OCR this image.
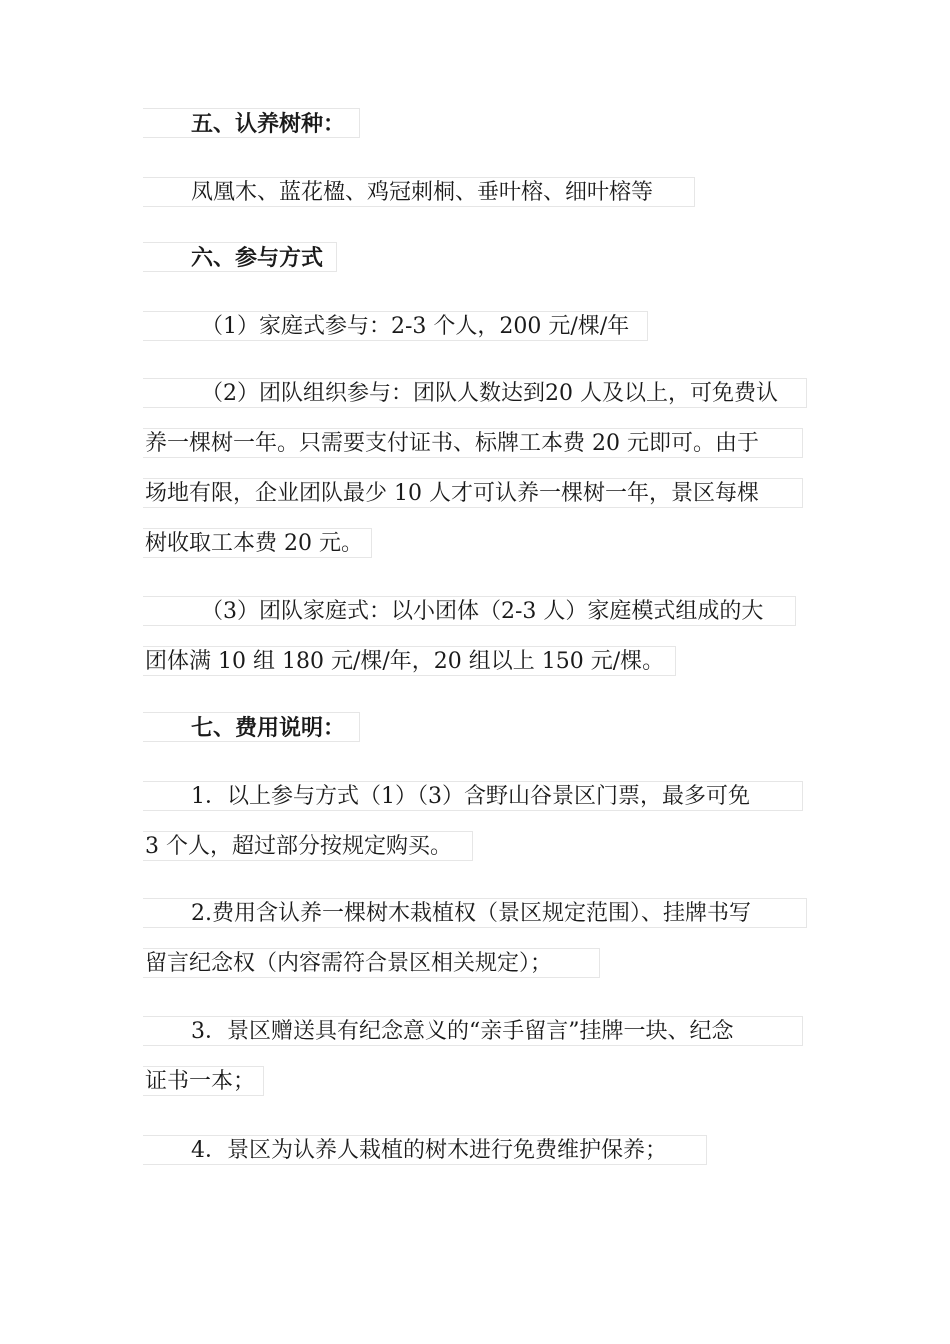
五、认养树种：
凤凰木、蓝花楹、鸡冠刺桐、垂叶榕、细叶榕等
六、参与方式
（1）家庭式参与：2-3 个人，200 元/棵/年
（2）团队组织参与：团队人数达到20 人及以上，可免费认
养一棵树一年。只需要支付证书、标牌工本费 20 元即可。由于
场地有限，企业团队最少 10 人才可认养一棵树一年，景区每棵
树收取工本费 20 元。
（3）团队家庭式：以小团体（2-3 人）家庭模式组成的大
团体满 10 组 180 元/棵/年，20 组以上 150 元/棵。
七、费用说明：
1．以上参与方式（1）（3）含野山谷景区门票，最多可免
3 个人，超过部分按规定购买。
2.费用含认养一棵树木栽植权（景区规定范围）、挂牌书写
留言纪念权（内容需符合景区相关规定）；
3．景区赠送具有纪念意义的“亲手留言”挂牌一块、纪念
证书一本；
4．景区为认养人栽植的树木进行免费维护保养；
